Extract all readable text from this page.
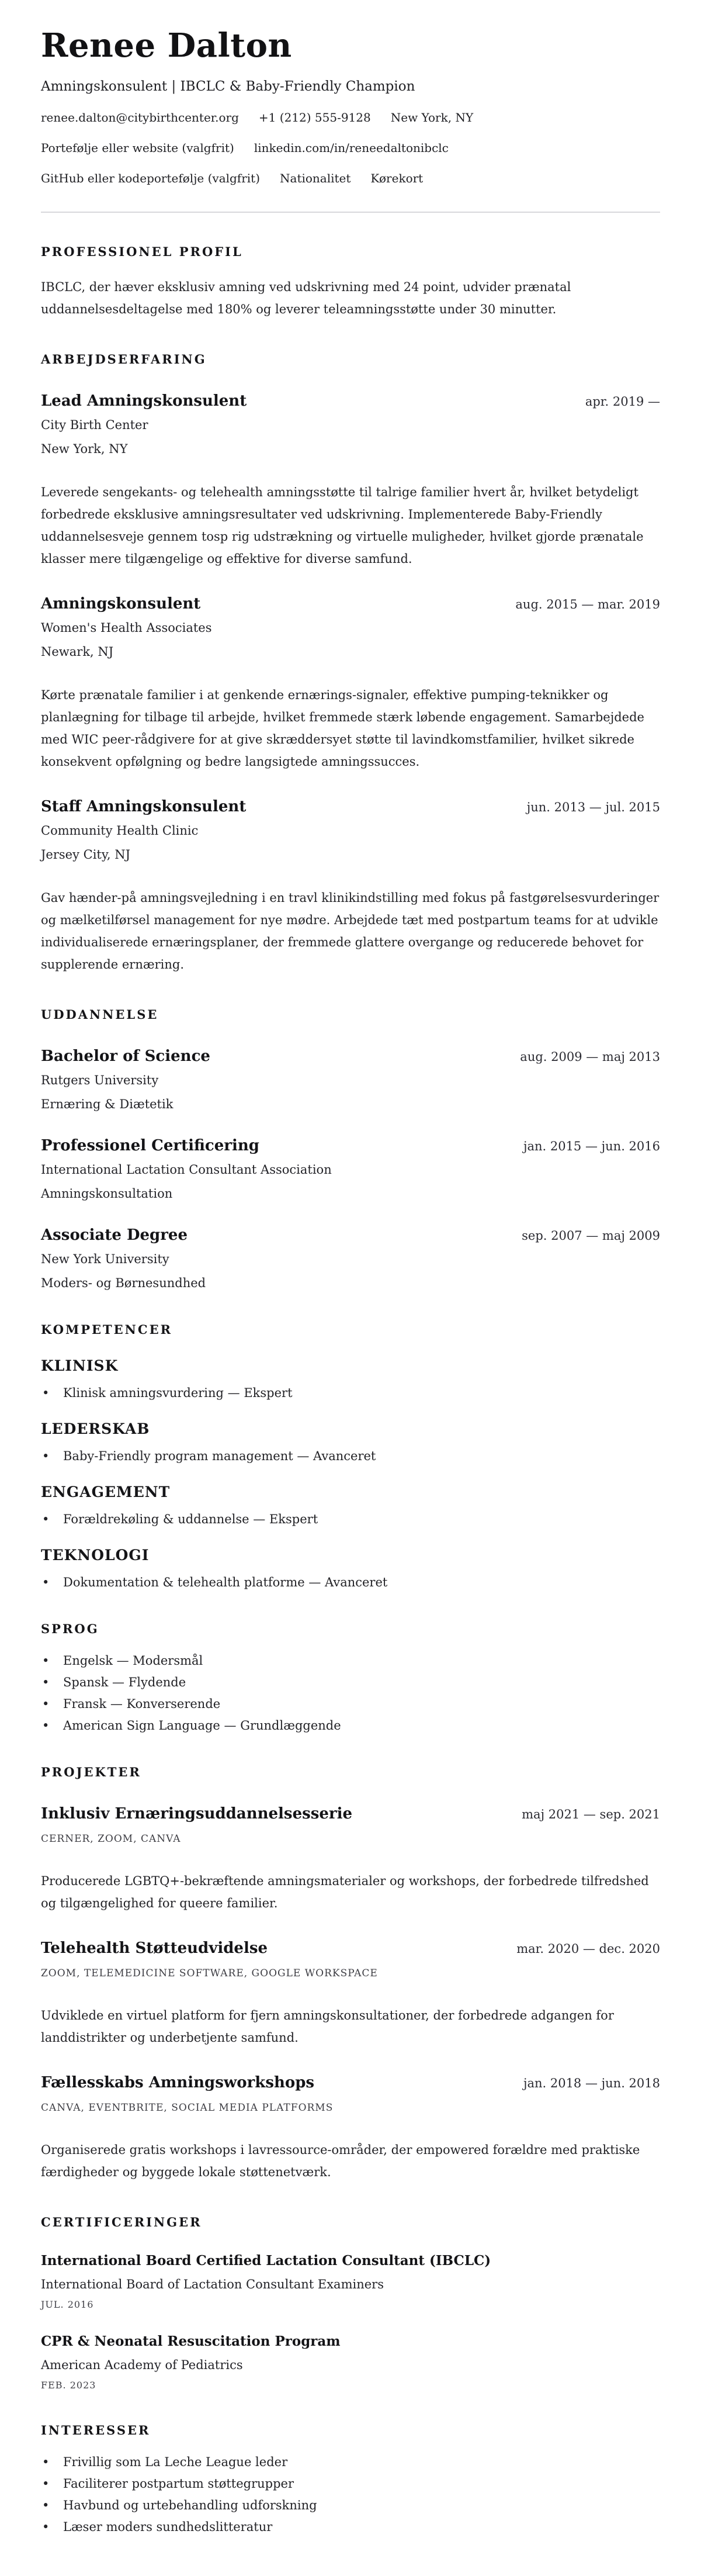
Renee Dalton

Amningskonsulent | IBCLC & Baby-Friendly Champion

renee.dalton@citybirthcenter.org +1 (212) 555-9128 New York, NY
Portefølje eller website (valgfrit) linkedin.com/in/reneedaltonibclc
GitHub eller kodeportefølje (valgfrit) Nationalitet Kørekort
PROFESSIONEL PROFIL

IBCLC, der hæver eksklusiv amning ved udskrivning med 24 point, udvider prænatal uddannelsesdeltagelse med 180% og leverer teleamningsstøtte under 30 minutter.

ARBEJDSERFARING
Lead Amningskonsulent	apr. 2019 —

City Birth Center

New York, NY

Leverede sengekants- og telehealth amningsstøtte til talrige familier hvert år, hvilket betydeligt forbedrede eksklusive amningsresultater ved udskrivning. Implementerede Baby-Friendly uddannelsesveje gennem tosp rig udstrækning og virtuelle muligheder, hvilket gjorde prænatale klasser mere tilgængelige og effektive for diverse samfund.

Amningskonsulent	aug. 2015 — mar. 2019

Women's Health Associates

Newark, NJ

Kørte prænatale familier i at genkende ernærings-signaler, effektive pumping-teknikker og planlægning for tilbage til arbejde, hvilket fremmede stærk løbende engagement. Samarbejdede med WIC peer-rådgivere for at give skræddersyet støtte til lavindkomstfamilier, hvilket sikrede konsekvent opfølgning og bedre langsigtede amningssucces.

Staff Amningskonsulent	jun. 2013 — jul. 2015

Community Health Clinic

Jersey City, NJ

Gav hænder-på amningsvejledning i en travl klinikindstilling med fokus på fastgørelsesvurderinger og mælketilførsel management for nye mødre. Arbejdede tæt med postpartum teams for at udvikle individualiserede ernæringsplaner, der fremmede glattere overgange og reducerede behovet for supplerende ernæring.

UDDANNELSE
Bachelor of Science	aug. 2009 — maj 2013

Rutgers University

Ernæring & Diætetik

Professionel Certificering	jan. 2015 — jun. 2016

International Lactation Consultant Association

Amningskonsultation

Associate Degree	sep. 2007 — maj 2009

New York University

Moders- og Børnesundhed

KOMPETENCER
KLINISK
• Klinisk amningsvurdering — Ekspert
LEDERSKAB
• Baby-Friendly program management — Avanceret
ENGAGEMENT
• Forældrekøling & uddannelse — Ekspert
TEKNOLOGI
• Dokumentation & telehealth platforme — Avanceret
SPROG
• Engelsk — Modersmål
• Spansk — Flydende
• Fransk — Konverserende
• American Sign Language — Grundlæggende
PROJEKTER
Inklusiv Ernæringsuddannelsesserie	maj 2021 — sep. 2021

CERNER, ZOOM, CANVA

Producerede LGBTQ+-bekræftende amningsmaterialer og workshops, der forbedrede tilfredshed og tilgængelighed for queere familier.

Telehealth Støtteudvidelse	mar. 2020 — dec. 2020

ZOOM, TELEMEDICINE SOFTWARE, GOOGLE WORKSPACE

Udviklede en virtuel platform for fjern amningskonsultationer, der forbedrede adgangen for landdistrikter og underbetjente samfund.

Fællesskabs Amningsworkshops	jan. 2018 — jun. 2018

CANVA, EVENTBRITE, SOCIAL MEDIA PLATFORMS

Organiserede gratis workshops i lavressource-områder, der empowered forældre med praktiske færdigheder og byggede lokale støttenetværk.

CERTIFICERINGER
International Board Certified Lactation Consultant (IBCLC)

International Board of Lactation Consultant Examiners

JUL. 2016

CPR & Neonatal Resuscitation Program

American Academy of Pediatrics

FEB. 2023

INTERESSER
• Frivillig som La Leche League leder
• Faciliterer postpartum støttegrupper
• Havbund og urtebehandling udforskning
• Læser moders sundhedslitteratur
